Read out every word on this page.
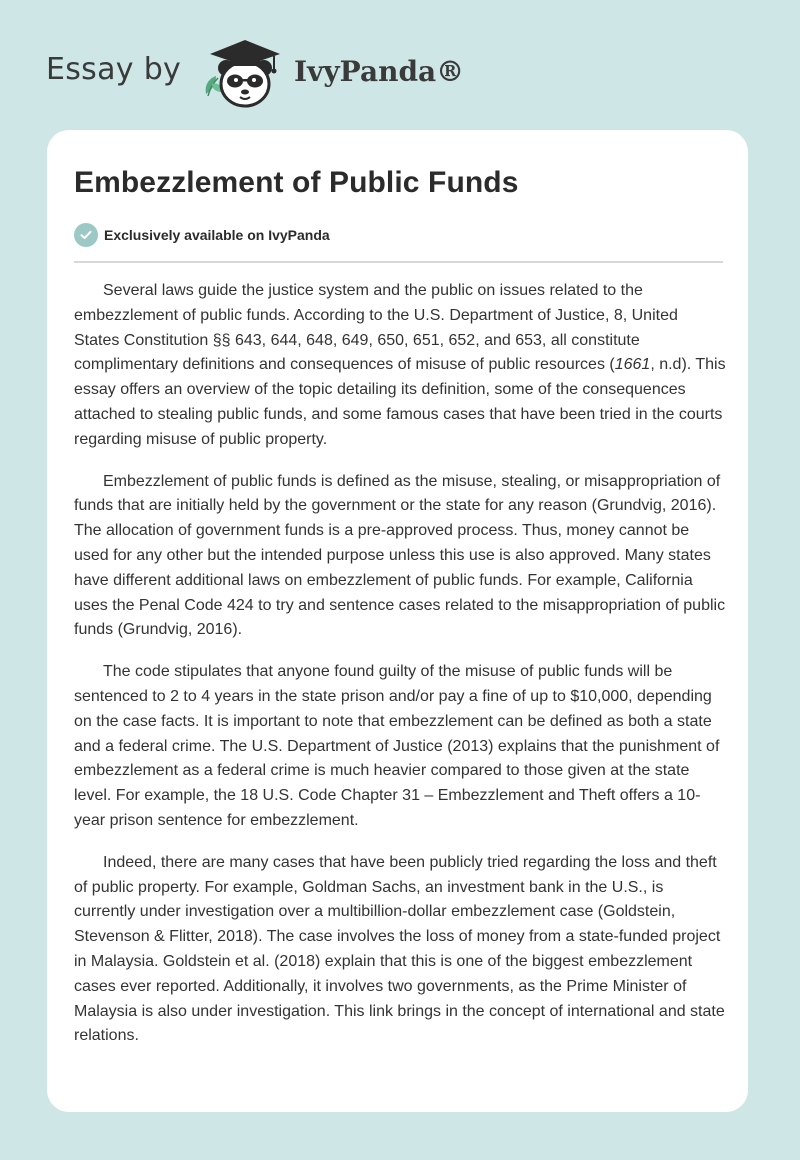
Essay by	IvyPanda®
Embezzlement of Public Funds
Exclusively available on IvyPanda

Several laws guide the justice system and the public on issues related to the embezzlement of public funds. According to the U.S. Department of Justice, 8, United States Constitution §§ 643, 644, 648, 649, 650, 651, 652, and 653, all constitute complimentary definitions and consequences of misuse of public resources (1661, n.d). This essay offers an overview of the topic detailing its definition, some of the consequences attached to stealing public funds, and some famous cases that have been tried in the courts regarding misuse of public property.

Embezzlement of public funds is defined as the misuse, stealing, or misappropriation of funds that are initially held by the government or the state for any reason (Grundvig, 2016). The allocation of government funds is a pre-approved process. Thus, money cannot be used for any other but the intended purpose unless this use is also approved. Many states have different additional laws on embezzlement of public funds. For example, California uses the Penal Code 424 to try and sentence cases related to the misappropriation of public funds (Grundvig, 2016).

The code stipulates that anyone found guilty of the misuse of public funds will be sentenced to 2 to 4 years in the state prison and/or pay a fine of up to $10,000, depending on the case facts. It is important to note that embezzlement can be defined as both a state and a federal crime. The U.S. Department of Justice (2013) explains that the punishment of embezzlement as a federal crime is much heavier compared to those given at the state level. For example, the 18 U.S. Code Chapter 31 – Embezzlement and Theft offers a 10-year prison sentence for embezzlement.

Indeed, there are many cases that have been publicly tried regarding the loss and theft of public property. For example, Goldman Sachs, an investment bank in the U.S., is currently under investigation over a multibillion-dollar embezzlement case (Goldstein, Stevenson & Flitter, 2018). The case involves the loss of money from a state-funded project in Malaysia. Goldstein et al. (2018) explain that this is one of the biggest embezzlement cases ever reported. Additionally, it involves two governments, as the Prime Minister of Malaysia is also under investigation. This link brings in the concept of international and state relations.
